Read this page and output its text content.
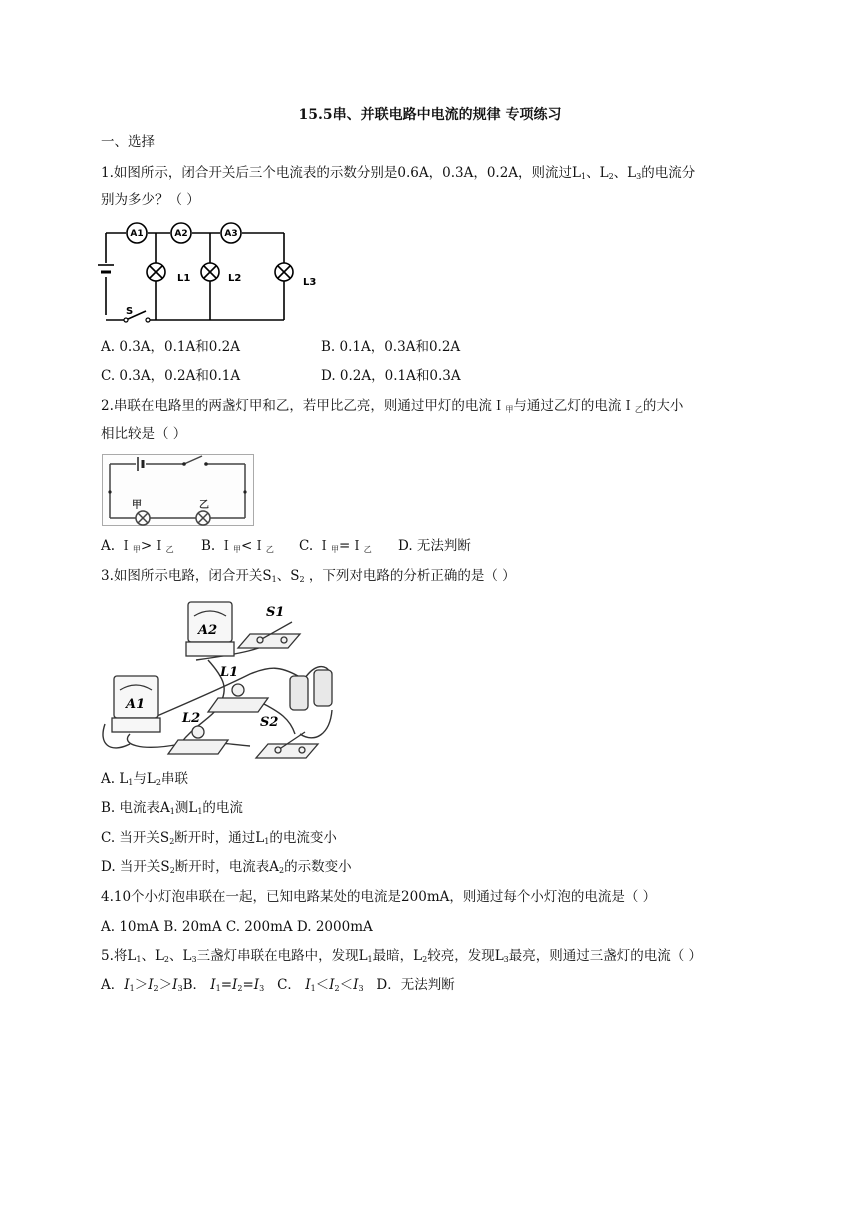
15.5串、并联电路中电流的规律 专项练习
一、选择
1.如图所示，闭合开关后三个电流表的示数分别是0.6A，0.3A，0.2A，则流过$L_1$、$L_2$、$L_3$的电流分
别为多少？（ ）
A1	A2	A3
L1	L2	L3
S
A. 0.3A，0.1A和0.2A	B. 0.1A，0.3A和0.2A
C. 0.3A，0.2A和0.1A	D. 0.2A，0.1A和0.3A
2.串联在电路里的两盏灯甲和乙，若甲比乙亮，则通过甲灯的电流Ｉ$_甲$与通过乙灯的电流Ｉ$_乙$的大小
相比较是（ ）
甲	乙
A. Ｉ$_甲$>Ｉ$_乙$ B. Ｉ$_甲$<Ｉ$_乙$ C. Ｉ$_甲$=Ｉ$_乙$ D. 无法判断
3.如图所示电路，闭合开关$S_1$、$S_2$ ，下列对电路的分析正确的是（ ）
A2
A1
S1
L1
L2	S2
A. $L_1$与$L_2$串联
B. 电流表$A_1$测$L_1$的电流
C. 当开关$S_2$断开时，通过$L_1$的电流变小
D. 当开关$S_2$断开时，电流表$A_2$的示数变小
4.10个小灯泡串联在一起，已知电路某处的电流是200mA，则通过每个小灯泡的电流是（ ）
A. 10mA B. 20mA C. 200mA D. 2000mA
5.将$L_1$、$L_2$、$L_3$三盏灯串联在电路中，发现$L_1$最暗，$L_2$较亮，发现$L_3$最亮，则通过三盏灯的电流（ ）
A．$I_1>I_2>I_3B$． $I_1=I_2=I_3$   C． $I_1<I_2<I_3$ D．无法判断
